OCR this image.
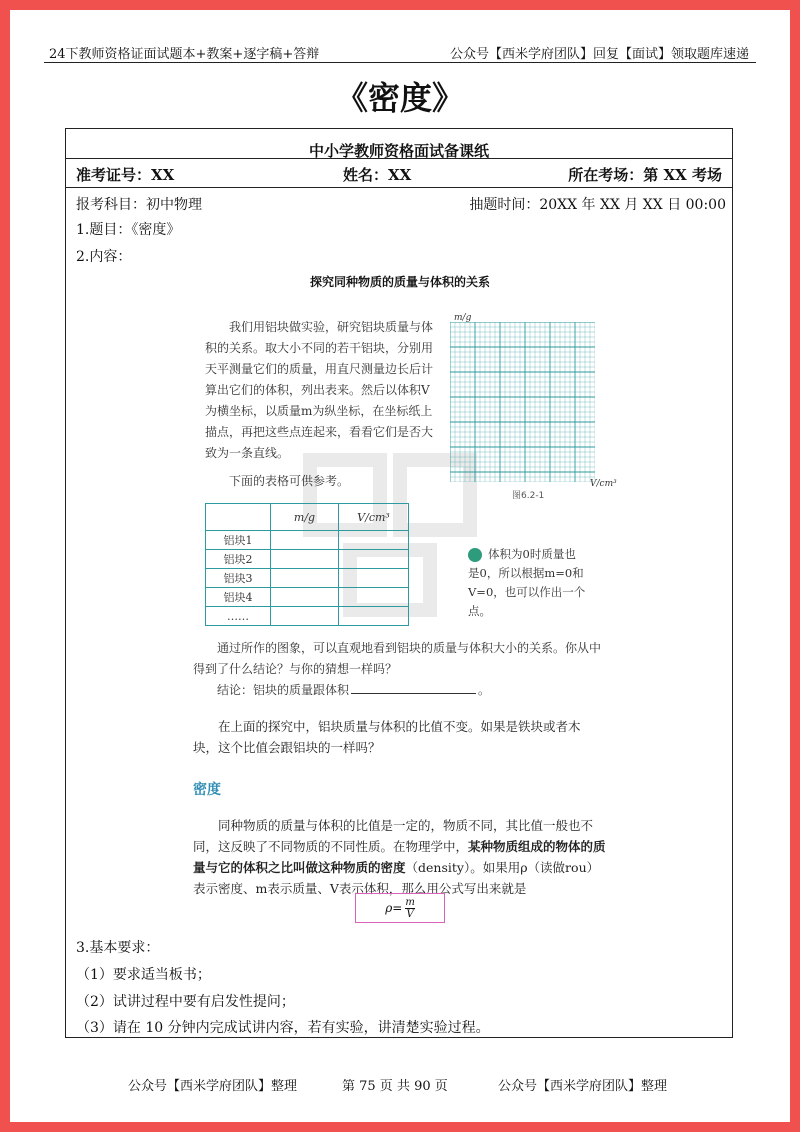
24下教师资格证面试题本+教案+逐字稿+答辩	公众号【西米学府团队】回复【面试】领取题库速递
《密度》
中小学教师资格面试备课纸
准考证号：XX	姓名：XX	所在考场：第 XX 考场
报考科目：初中物理	抽题时间：20XX 年 XX 月 XX 日 00:00
1.题目：《密度》
2.内容：
探究同种物质的质量与体积的关系
我们用铝块做实验，研究铝块质量与体积的关系。取大小不同的若干铝块，分别用天平测量它们的质量，用直尺测量边长后计算出它们的体积，列出表来。然后以体积V为横坐标，以质量m为纵坐标，在坐标纸上描点，再把这些点连起来，看看它们是否大致为一条直线。
下面的表格可供参考。
	m/g	V/cm³
铝块1		
铝块2		
铝块3		
铝块4		
……		
m/g
V/cm³
图6.2-1
体积为0时质量也是0，所以根据m=0和V=0，也可以作出一个点。
通过所作的图象，可以直观地看到铝块的质量与体积大小的关系。你从中得到了什么结论？与你的猜想一样吗？
结论：铝块的质量跟体积	。
在上面的探究中，铝块质量与体积的比值不变。如果是铁块或者木块，这个比值会跟铝块的一样吗？
密度
同种物质的质量与体积的比值是一定的，物质不同，其比值一般也不同，这反映了不同物质的不同性质。在物理学中，某种物质组成的物体的质量与它的体积之比叫做这种物质的密度（density）。如果用ρ（读做rou）表示密度、m表示质量、V表示体积，那么用公式写出来就是
$\rho= \frac{m}{V}$
3.基本要求：
（1）要求适当板书；
（2）试讲过程中要有启发性提问；
（3）请在 10 分钟内完成试讲内容，若有实验，讲清楚实验过程。
公众号【西米学府团队】整理	第 75 页 共 90 页	公众号【西米学府团队】整理
